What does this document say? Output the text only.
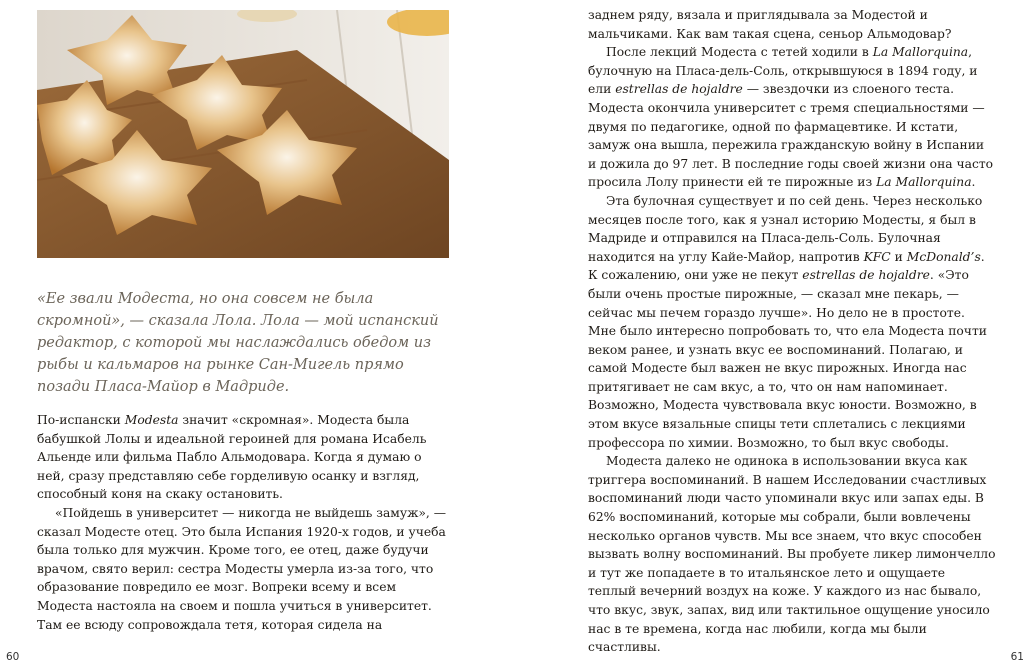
«Ее звали Модеста, но она совсем не была скромной», — сказала Лола. Лола — мой испанский редактор, с которой мы наслаждались обедом из рыбы и кальмаров на рынке Сан-Мигель прямо позади Пласа-Майор в Мадриде.

По-испански Modesta значит «скромная». Модеста была бабушкой Лолы и идеальной героиней для романа Исабель Альенде или фильма Пабло Альмодовара. Когда я думаю о ней, сразу представляю себе горделивую осанку и взгляд, способный коня на скаку остановить.

«Пойдешь в университет — никогда не выйдешь замуж», — сказал Модесте отец. Это была Испания 1920-х годов, и учеба была только для мужчин. Кроме того, ее отец, даже будучи врачом, свято верил: сестра Модесты умерла из-за того, что образование повредило ее мозг. Вопреки всему и всем Модеста настояла на своем и пошла учиться в университет. Там ее всюду сопровождала тетя, которая сидела на

60

заднем ряду, вязала и приглядывала за Модестой и мальчиками. Как вам такая сцена, сеньор Альмодовар?

После лекций Модеста с тетей ходили в La Mallorquina, булочную на Пласа-дель-Соль, открывшуюся в 1894 году, и ели estrellas de hojaldre — звездочки из слоеного теста. Модеста окончила университет с тремя специальностями — двумя по педагогике, одной по фармацевтике. И кстати, замуж она вышла, пережила гражданскую войну в Испании и дожила до 97 лет. В последние годы своей жизни она часто просила Лолу принести ей те пирожные из La Mallorquina.

Эта булочная существует и по сей день. Через несколько месяцев после того, как я узнал историю Модесты, я был в Мадриде и отправился на Пласа-дель-Соль. Булочная находится на углу Кайе-Майор, напротив KFC и McDonald’s. К сожалению, они уже не пекут estrellas de hojaldre. «Это были очень простые пирожные, — сказал мне пекарь, — сейчас мы печем гораздо лучше». Но дело не в простоте. Мне было интересно попробовать то, что ела Модеста почти веком ранее, и узнать вкус ее воспоминаний. Полагаю, и самой Модесте был важен не вкус пирожных. Иногда нас притягивает не сам вкус, а то, что он нам напоминает. Возможно, Модеста чувствовала вкус юности. Возможно, в этом вкусе вязальные спицы тети сплетались с лекциями профессора по химии. Возможно, то был вкус свободы.

Модеста далеко не одинока в использовании вкуса как триггера воспоминаний. В нашем Исследовании счастливых воспоминаний люди часто упоминали вкус или запах еды. В 62% воспоминаний, которые мы собрали, были вовлечены несколько органов чувств. Мы все знаем, что вкус способен вызвать волну воспоминаний. Вы пробуете ликер лимончелло и тут же попадаете в то итальянское лето и ощущаете теплый вечерний воздух на коже. У каждого из нас бывало, что вкус, звук, запах, вид или тактильное ощущение уносило нас в те времена, когда нас любили, когда мы были счастливы.

61
